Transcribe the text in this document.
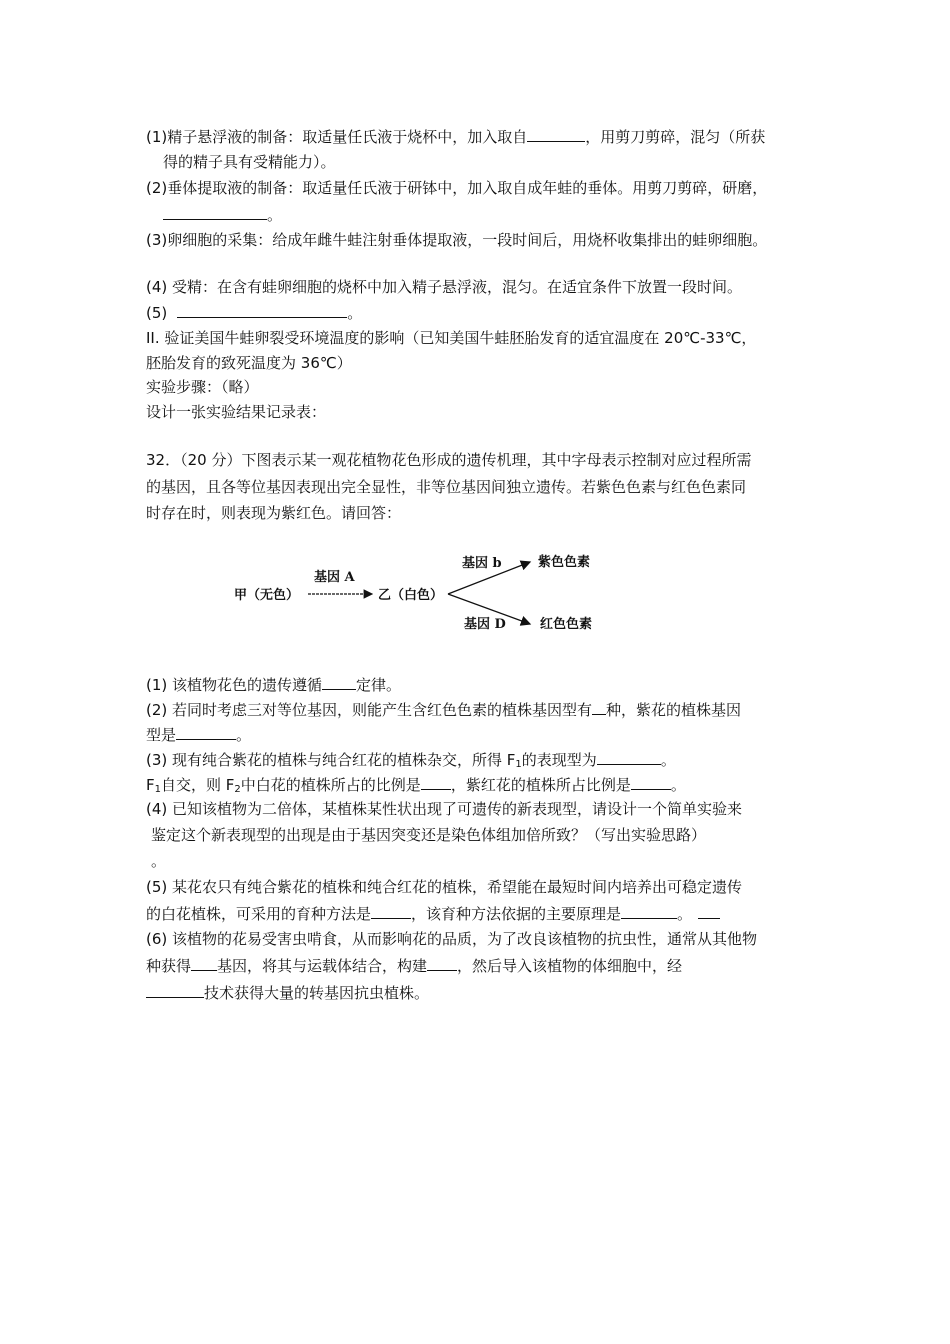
(1)精子悬浮液的制备：取适量任氏液于烧杯中，加入取自	，用剪刀剪碎，混匀（所获
得的精子具有受精能力）。
(2)垂体提取液的制备：取适量任氏液于研钵中，加入取自成年蛙的垂体。用剪刀剪碎，研磨，
。
(3)卵细胞的采集：给成年雌牛蛙注射垂体提取液，一段时间后，用烧杯收集排出的蛙卵细胞。
(4) 受精：在含有蛙卵细胞的烧杯中加入精子悬浮液，混匀。在适宜条件下放置一段时间。
(5)	。
II. 验证美国牛蛙卵裂受环境温度的影响（已知美国牛蛙胚胎发育的适宜温度在 20℃-33℃，
胚胎发育的致死温度为 36℃）
实验步骤：（略）
设计一张实验结果记录表：
32．（20 分）下图表示某一观花植物花色形成的遗传机理，其中字母表示控制对应过程所需
的基因，且各等位基因表现出完全显性，非等位基因间独立遗传。若紫色色素与红色色素同
时存在时，则表现为紫红色。请回答：
甲（无色）
基因 A
乙（白色）
基因 b	紫色色素
基因 D	红色色素
(1) 该植物花色的遗传遵循 定律。
(2) 若同时考虑三对等位基因，则能产生含红色色素的植株基因型有 种，紫花的植株基因
型是	。
(3) 现有纯合紫花的植株与纯合红花的植株杂交，所得 $F_1$的表现型为	。
$F_1$自交，则 $F_2$中白花的植株所占的比例是 ，紫红花的植株所占比例是	。
(4) 已知该植物为二倍体，某植株某性状出现了可遗传的新表现型，请设计一个简单实验来
鉴定这个新表现型的出现是由于基因突变还是染色体组加倍所致？（写出实验思路）
。
(5) 某花农只有纯合紫花的植株和纯合红花的植株，希望能在最短时间内培养出可稳定遗传
的白花植株，可采用的育种方法是	，该育种方法依据的主要原理是	。
(6) 该植物的花易受害虫啃食，从而影响花的品质，为了改良该植物的抗虫性，通常从其他物
种获得 基因，将其与运载体结合，构建 ，然后导入该植物的体细胞中，经
技术获得大量的转基因抗虫植株。
